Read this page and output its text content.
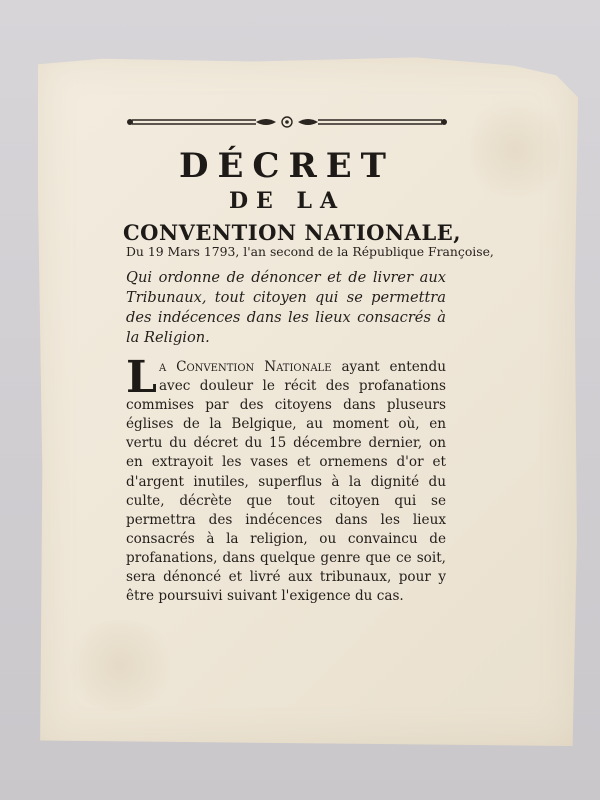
DÉCRET
DE LA
CONVENTION NATIONALE,
Du 19 Mars 1793, l'an second de la République Françoise,
Qui ordonne de dénoncer et de livrer aux Tribunaux, tout citoyen qui se permettra des indécences dans les lieux consacrés à la Religion.
La Convention Nationale ayant entendu avec douleur le récit des profanations commises par des citoyens dans pluseurs églises de la Belgique, au moment où, en vertu du décret du 15 décembre dernier, on en extrayoit les vases et ornemens d'or et d'argent inutiles, superflus à la dignité du culte, décrète que tout citoyen qui se permettra des indécences dans les lieux consacrés à la religion, ou convaincu de profanations, dans quelque genre que ce soit, sera dénoncé et livré aux tribunaux, pour y être poursuivi suivant l'exigence du cas.
